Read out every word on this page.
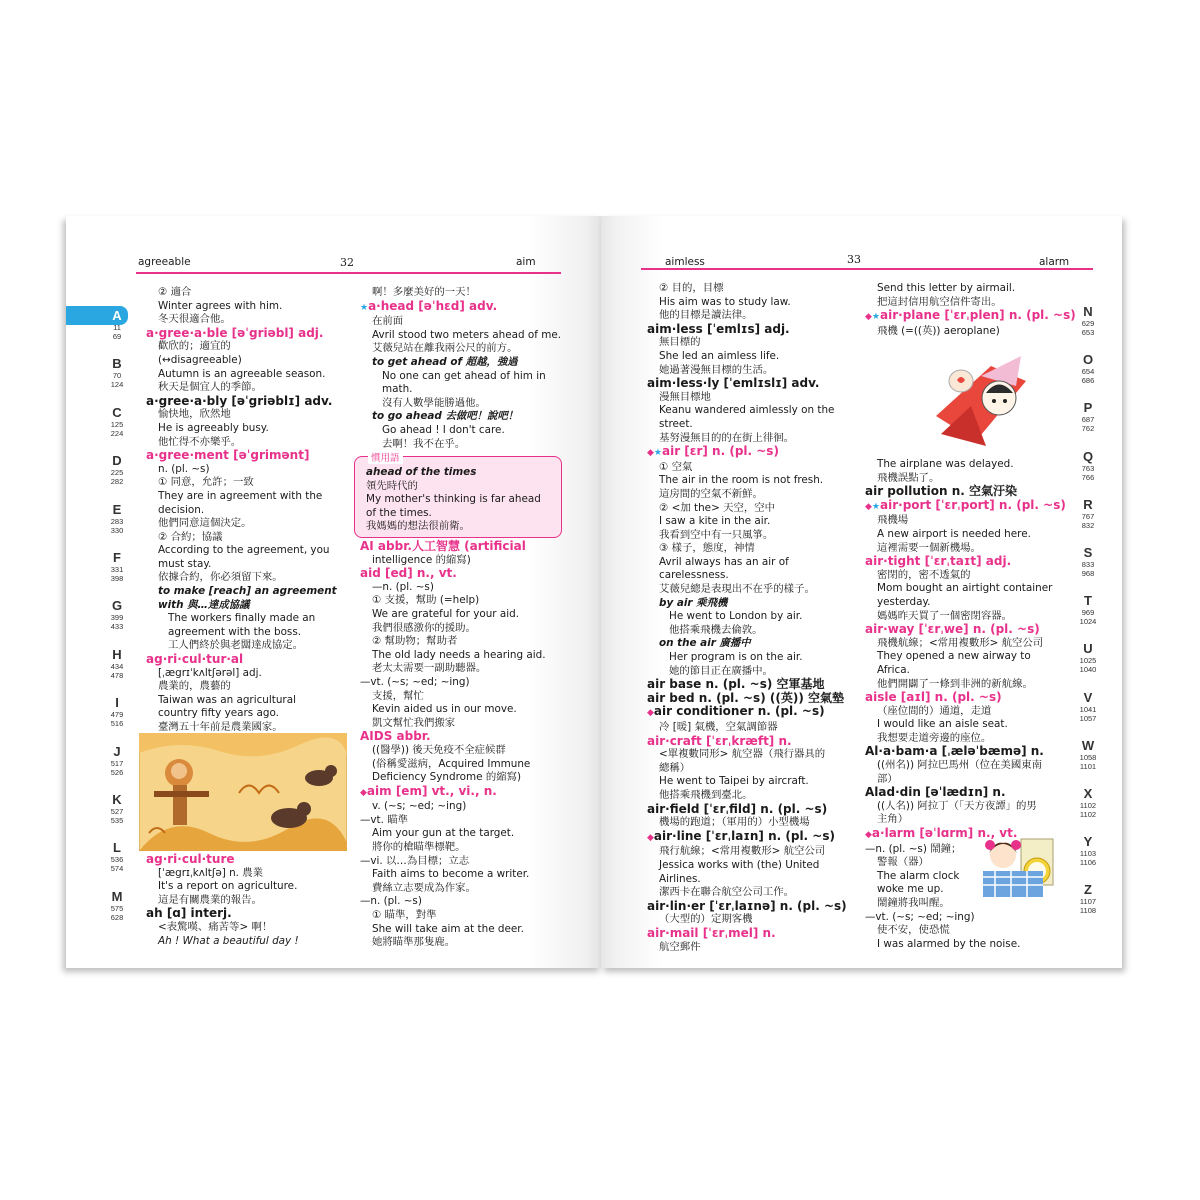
agreeable	32	aim
A
11
69
B
70
124
C
125
224
D
225
282
E
283
330
F
331
398
G
399
433
H
434
478
I
479
516
J
517
526
K
527
535
L
536
574
M
575
628
② 適合
Winter agrees with him.
冬天很適合他。
a·gree·a·ble [əˈgriəbl] adj.
歡欣的；適宜的
(↔disagreeable)
Autumn is an agreeable season.
秋天是個宜人的季節。
a·gree·a·bly [əˈgriəblɪ] adv.
愉快地，欣然地
He is agreeably busy.
他忙得不亦樂乎。
a·gree·ment [əˈgrimənt]
n. (pl. ~s)
① 同意，允許；一致
They are in agreement with the
decision.
他們同意這個決定。
② 合約；協議
According to the agreement, you
must stay.
依據合約，你必須留下來。
to make [reach] an agreement
with 與…達成協議
The workers finally made an
agreement with the boss.
工人們終於與老闆達成協定。
ag·ri·cul·tur·al
[ˌægrɪˈkʌltʃərəl] adj.
農業的，農藝的
Taiwan was an agricultural
country fifty years ago.
臺灣五十年前是農業國家。
ag·ri·cul·ture
[ˈægrɪˌkʌltʃə] n. 農業
It's a report on agriculture.
這是有關農業的報告。
ah [ɑ] interj.
<表驚嘆、痛苦等> 啊！
Ah ! What a beautiful day !
啊！多麼美好的一天！
★a·head [əˈhɛd] adv.
在前面
Avril stood two meters ahead of me.
艾薇兒站在離我兩公尺的前方。
to get ahead of 超越，強過
No one can get ahead of him in
math.
沒有人數學能勝過他。
to go ahead 去做吧！說吧！
Go ahead ! I don't care.
去啊！我不在乎。
慣用語
ahead of the times
領先時代的
My mother's thinking is far ahead
of the times.
我媽媽的想法很前衛。
AI abbr.人工智慧 (artificial
intelligence 的縮寫)
aid [ed] n., vt.
—n. (pl. ~s)
① 支援，幫助 (=help)
We are grateful for your aid.
我們很感激你的援助。
② 幫助物；幫助者
The old lady needs a hearing aid.
老太太需要一副助聽器。
—vt. (~s; ~ed; ~ing)
支援，幫忙
Kevin aided us in our move.
凱文幫忙我們搬家
AIDS abbr.
((醫學)) 後天免疫不全症候群
(俗稱愛滋病，Acquired Immune
Deficiency Syndrome 的縮寫)
◆aim [em] vt., vi., n.
v. (~s; ~ed; ~ing)
—vt. 瞄準
Aim your gun at the target.
將你的槍瞄準標靶。
—vi. 以…為目標；立志
Faith aims to become a writer.
費絲立志要成為作家。
—n. (pl. ~s)
① 瞄準，對準
She will take aim at the deer.
她將瞄準那隻鹿。
aimless	33	alarm
N
629
653
O
654
686
P
687
762
Q
763
766
R
767
832
S
833
968
T
969
1024
U
1025
1040
V
1041
1057
W
1058
1101
X
1102
1102
Y
1103
1106
Z
1107
1108
② 目的，目標
His aim was to study law.
他的目標是讀法律。
aim·less [ˈemlɪs] adj.
無目標的
She led an aimless life.
她過著漫無目標的生活。
aim·less·ly [ˈemlɪslɪ] adv.
漫無目標地
Keanu wandered aimlessly on the
street.
基努漫無目的的在街上徘徊。
◆★air [ɛr] n. (pl. ~s)
① 空氣
The air in the room is not fresh.
這房間的空氣不新鮮。
② <加 the> 天空，空中
I saw a kite in the air.
我看到空中有一只風箏。
③ 樣子，態度，神情
Avril always has an air of
carelessness.
艾薇兒總是表現出不在乎的樣子。
by air 乘飛機
He went to London by air.
他搭乘飛機去倫敦。
on the air 廣播中
Her program is on the air.
她的節目正在廣播中。
air base n. (pl. ~s) 空軍基地
air bed n. (pl. ~s) ((英)) 空氣墊
◆air conditioner n. (pl. ~s)
冷 [暖] 氣機，空氣調節器
air·craft [ˈɛrˌkræft] n.
<單複數同形> 航空器（飛行器具的
總稱）
He went to Taipei by aircraft.
他搭乘飛機到臺北。
air·field [ˈɛrˌfild] n. (pl. ~s)
機場的跑道；（軍用的）小型機場
◆air·line [ˈɛrˌlaɪn] n. (pl. ~s)
飛行航線；<常用複數形> 航空公司
Jessica works with (the) United
Airlines.
潔西卡在聯合航空公司工作。
air·lin·er [ˈɛrˌlaɪnə] n. (pl. ~s)
（大型的）定期客機
air·mail [ˈɛrˌmel] n.
航空郵件
Send this letter by airmail.
把這封信用航空信件寄出。
◆★air·plane [ˈɛrˌplen] n. (pl. ~s)
飛機 (=((英)) aeroplane)
The airplane was delayed.
飛機誤點了。
air pollution n. 空氣汙染
◆★air·port [ˈɛrˌport] n. (pl. ~s)
飛機場
A new airport is needed here.
這裡需要一個新機場。
air·tight [ˈɛrˌtaɪt] adj.
密閉的，密不透氣的
Mom bought an airtight container
yesterday.
媽媽昨天買了一個密閉容器。
air·way [ˈɛrˌwe] n. (pl. ~s)
飛機航線；<常用複數形> 航空公司
They opened a new airway to
Africa.
他們開闢了一條到非洲的新航線。
aisle [aɪl] n. (pl. ~s)
（座位間的）通道，走道
I would like an aisle seat.
我想要走道旁邊的座位。
Al·a·bam·a [ˌæləˈbæmə] n.
((州名)) 阿拉巴馬州（位在美國東南
部）
Alad·din [əˈlædɪn] n.
((人名)) 阿拉丁（「天方夜譚」的男
主角）
◆a·larm [əˈlɑrm] n., vt.
—n. (pl. ~s) 鬧鐘；
警報（器）
The alarm clock
woke me up.
鬧鐘將我叫醒。
—vt. (~s; ~ed; ~ing)
使不安，使恐慌
I was alarmed by the noise.
